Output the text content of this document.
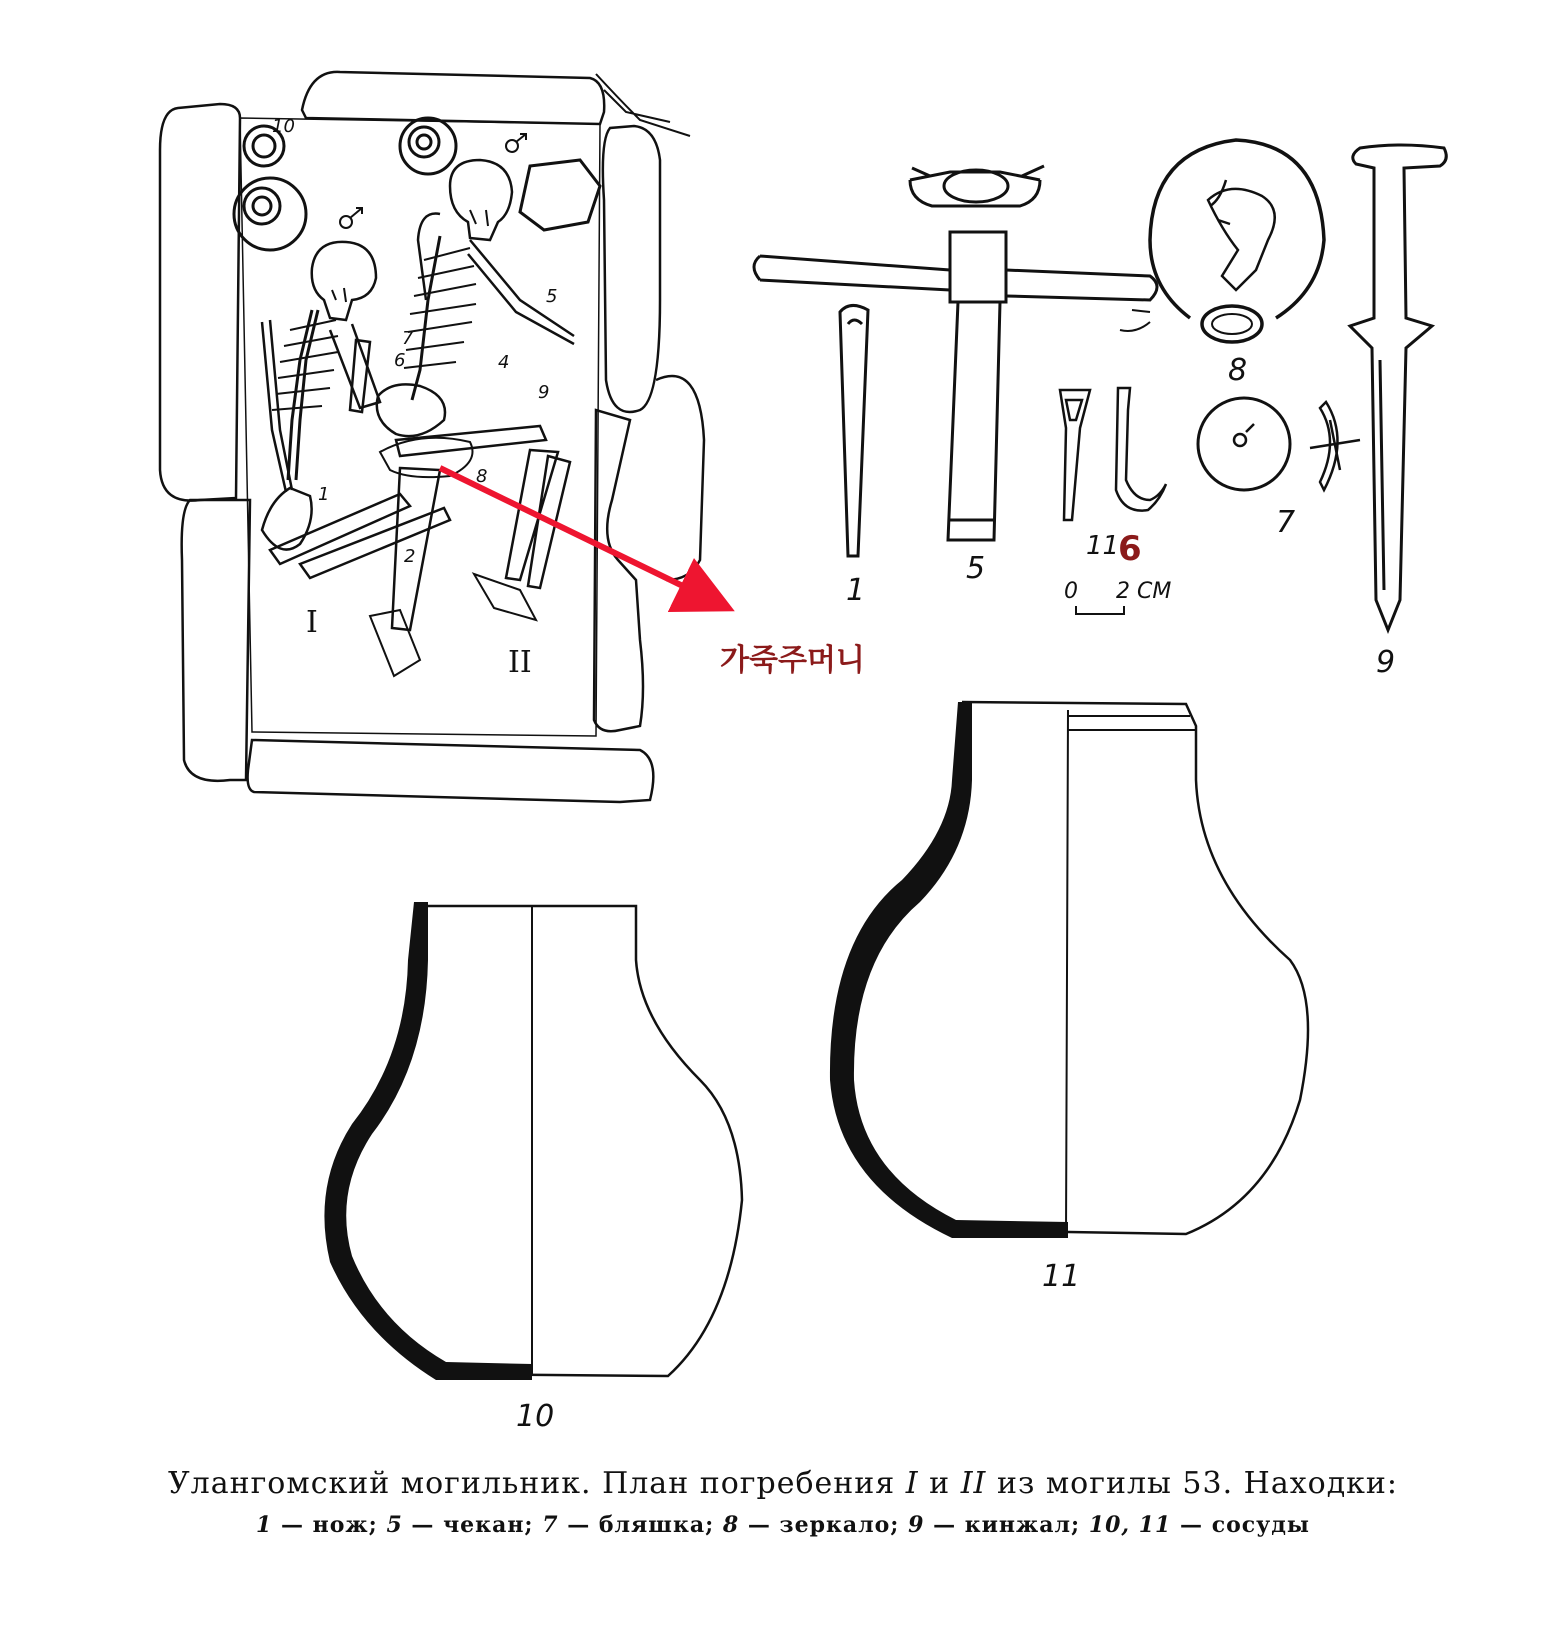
10
1
2
4
5
6
7
8
9
I
II	가죽주머니
1
5
11
6
8
7
9
0 2 СМ
11
10
Улангомский могильник. План погребения I и II из могилы 53. Находки:
1 — нож; 5 — чекан; 7 — бляшка; 8 — зеркало; 9 — кинжал; 10, 11 — сосуды
